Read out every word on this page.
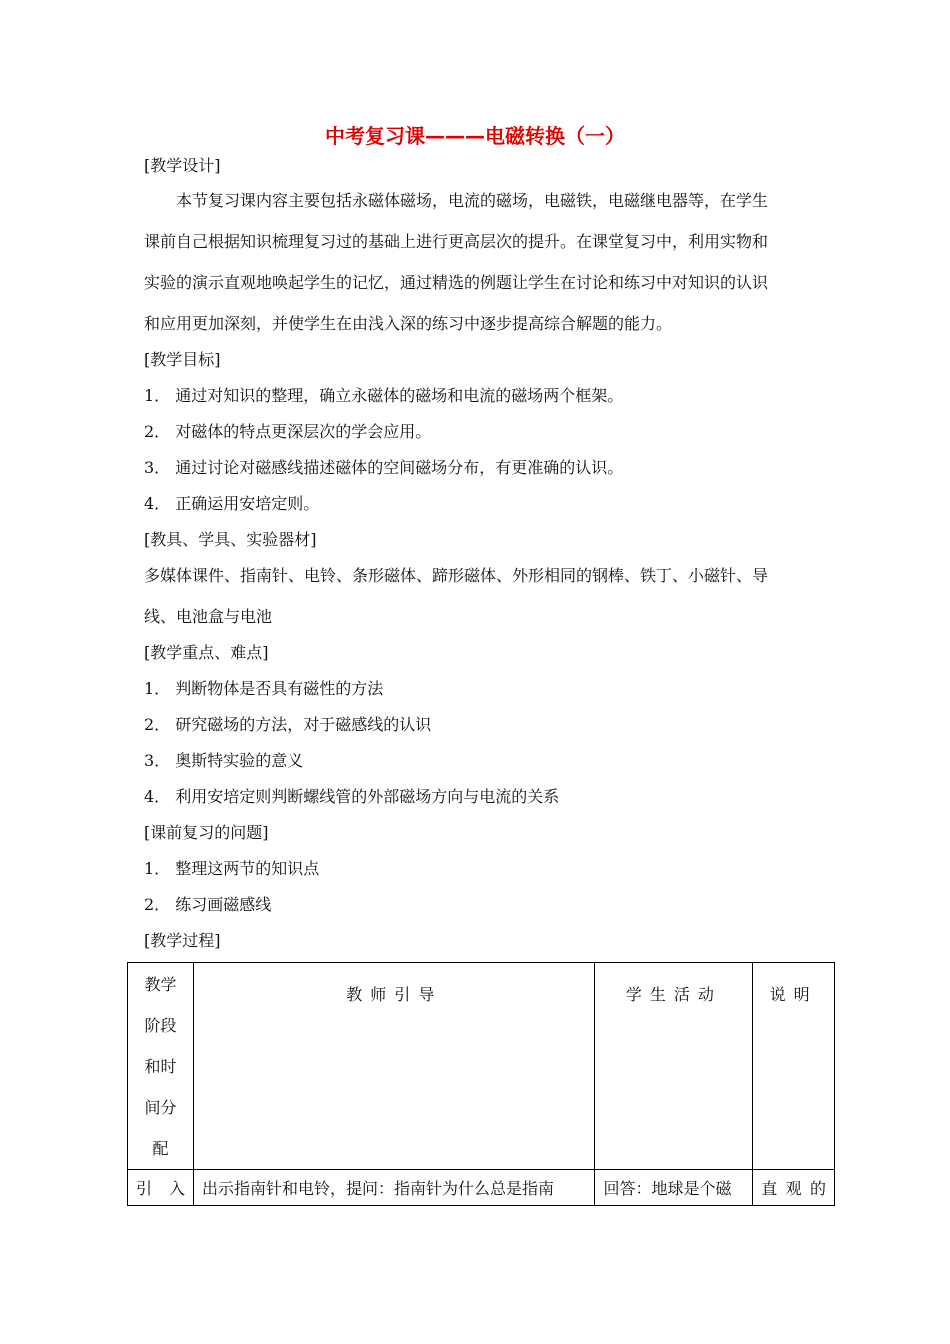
中考复习课———电磁转换（一）
[教学设计]
本节复习课内容主要包括永磁体磁场，电流的磁场，电磁铁，电磁继电器等，在学生
课前自己根据知识梳理复习过的基础上进行更高层次的提升。在课堂复习中，利用实物和
实验的演示直观地唤起学生的记忆，通过精选的例题让学生在讨论和练习中对知识的认识
和应用更加深刻，并使学生在由浅入深的练习中逐步提高综合解题的能力。
[教学目标]
1． 通过对知识的整理，确立永磁体的磁场和电流的磁场两个框架。
2． 对磁体的特点更深层次的学会应用。
3． 通过讨论对磁感线描述磁体的空间磁场分布，有更准确的认识。
4． 正确运用安培定则。
[教具、学具、实验器材]
多媒体课件、指南针、电铃、条形磁体、蹄形磁体、外形相同的钢棒、铁丁、小磁针、导
线、电池盒与电池
[教学重点、难点]
1． 判断物体是否具有磁性的方法
2． 研究磁场的方法，对于磁感线的认识
3． 奥斯特实验的意义
4． 利用安培定则判断螺线管的外部磁场方向与电流的关系
[课前复习的问题]
1． 整理这两节的知识点
2． 练习画磁感线
[教学过程]
教学
阶段
和时
间分
配	教师引导	学生活动	说明
引　入	出示指南针和电铃，提问：指南针为什么总是指南	回答：地球是个磁	直观的
